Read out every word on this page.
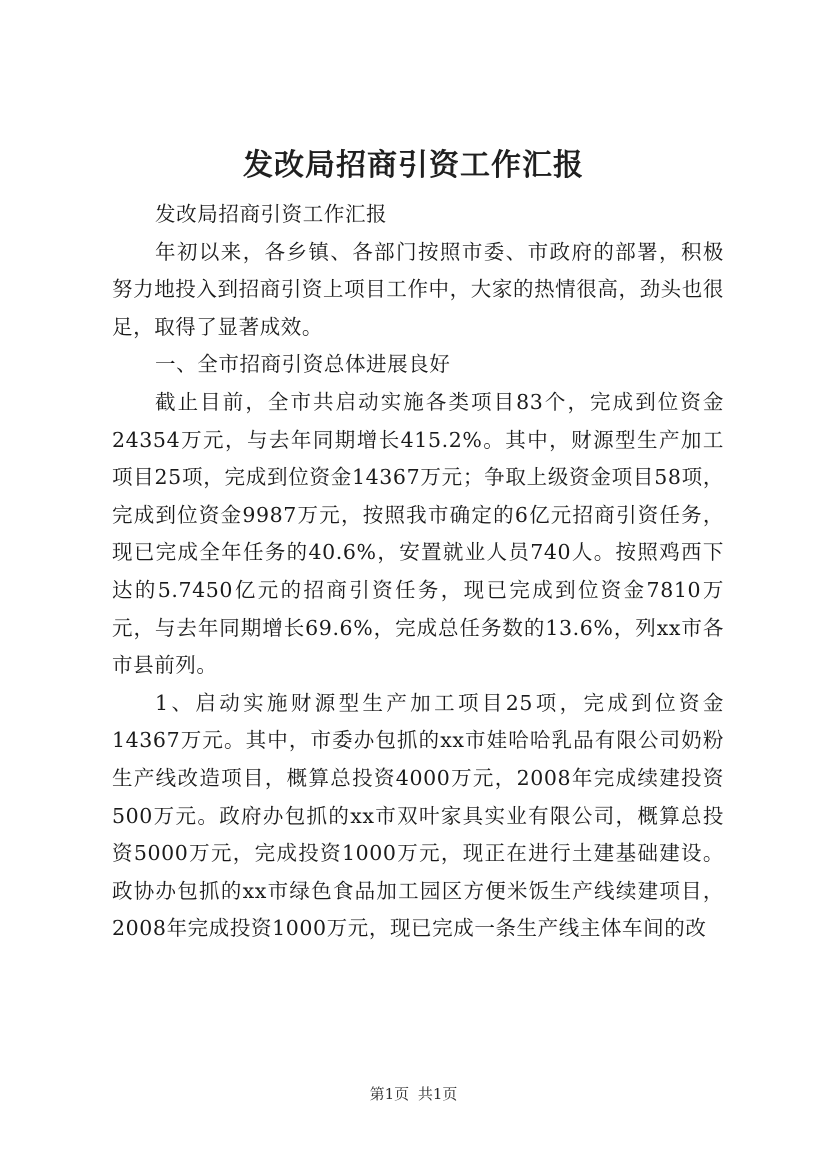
发改局招商引资工作汇报

发改局招商引资工作汇报

年初以来，各乡镇、各部门按照市委、市政府的部署，积极努力地投入到招商引资上项目工作中，大家的热情很高，劲头也很足，取得了显著成效。

一、全市招商引资总体进展良好

截止目前，全市共启动实施各类项目83个，完成到位资金24354万元，与去年同期增长415.2%。其中，财源型生产加工项目25项，完成到位资金14367万元；争取上级资金项目58项，完成到位资金9987万元，按照我市确定的6亿元招商引资任务，现已完成全年任务的40.6%，安置就业人员740人。按照鸡西下达的5.7450亿元的招商引资任务，现已完成到位资金7810万元，与去年同期增长69.6%，完成总任务数的13.6%，列xx市各市县前列。

1、启动实施财源型生产加工项目25项，完成到位资金14367万元。其中，市委办包抓的xx市娃哈哈乳品有限公司奶粉生产线改造项目，概算总投资4000万元，2008年完成续建投资500万元。政府办包抓的xx市双叶家具实业有限公司，概算总投资5000万元，完成投资1000万元，现正在进行土建基础建设。政协办包抓的xx市绿色食品加工园区方便米饭生产线续建项目，2008年完成投资1000万元，现已完成一条生产线主体车间的改

第1页 共1页
